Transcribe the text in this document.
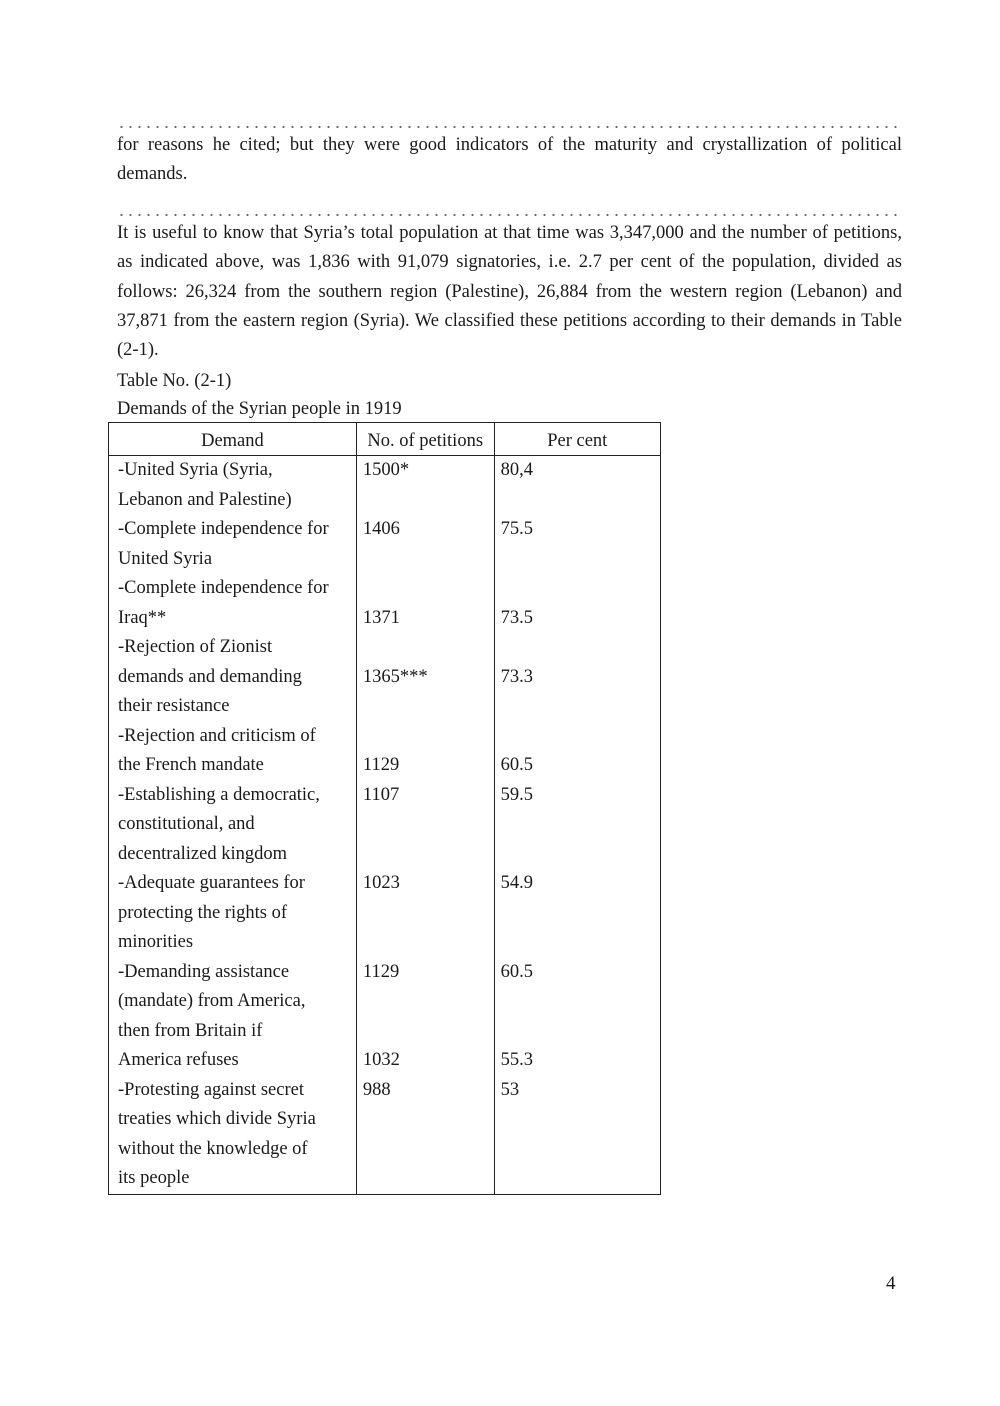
for reasons he cited; but they were good indicators of the maturity and crystallization of political demands.

It is useful to know that Syria’s total population at that time was 3,347,000 and the number of petitions, as indicated above, was 1,836 with 91,079 signatories, i.e. 2.7 per cent of the population, divided as follows: 26,324 from the southern region (Palestine), 26,884 from the western region (Lebanon) and 37,871 from the eastern region (Syria). We classified these petitions according to their demands in Table (2-1).

Table No. (2-1)
Demands of the Syrian people in 1919
Demand	No. of petitions	Per cent

-United Syria (Syria,
Lebanon and Palestine)	1500*	80,4

-Complete independence for
United Syria	1406	75.5

-Complete independence for
Iraq**	1371	73.5

-Rejection of Zionist
demands and demanding
their resistance	1365***	73.3

-Rejection and criticism of
the French mandate	1129	60.5

-Establishing a democratic,
constitutional, and
decentralized kingdom	1107	59.5

-Adequate guarantees for
protecting the rights of
minorities	1023	54.9

-Demanding assistance
(mandate) from America,
then from Britain if	1129	60.5

America refuses	1032	55.3

-Protesting against secret
treaties which divide Syria
without the knowledge of
its people	988	53
4
